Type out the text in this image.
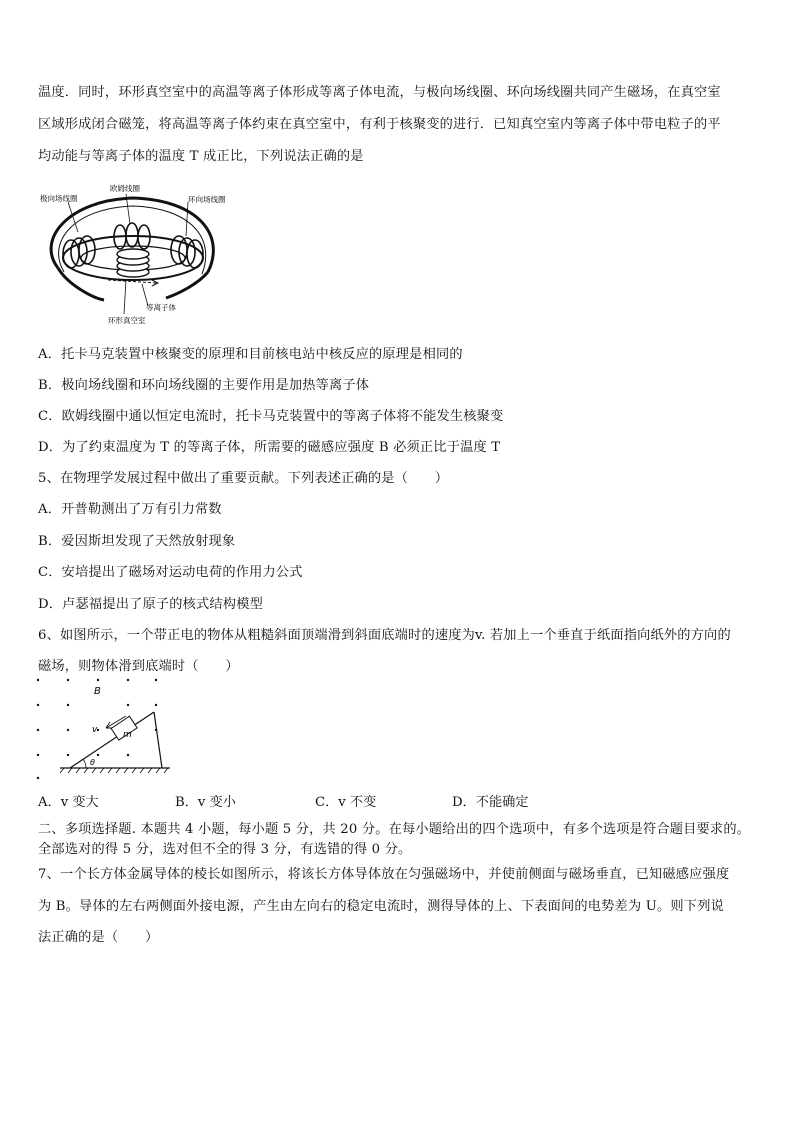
温度．同时，环形真空室中的高温等离子体形成等离子体电流，与极向场线圈、环向场线圈共同产生磁场，在真空室
区域形成闭合磁笼，将高温等离子体约束在真空室中，有利于核聚变的进行．已知真空室内等离子体中带电粒子的平
均动能与等离子体的温度 T 成正比，下列说法正确的是
极向场线圈
欧姆线圈
环向场线圈
等离子体
环形真空室
A．托卡马克装置中核聚变的原理和目前核电站中核反应的原理是相同的
B．极向场线圈和环向场线圈的主要作用是加热等离子体
C．欧姆线圈中通以恒定电流时，托卡马克装置中的等离子体将不能发生核聚变
D．为了约束温度为 T 的等离子体，所需要的磁感应强度 B 必须正比于温度 T
5、在物理学发展过程中做出了重要贡献。下列表述正确的是（　　）
A．开普勒测出了万有引力常数
B．爱因斯坦发现了天然放射现象
C．安培提出了磁场对运动电荷的作用力公式
D．卢瑟福提出了原子的核式结构模型
6、如图所示，一个带正电的物体从粗糙斜面顶端滑到斜面底端时的速度为v. 若加上一个垂直于纸面指向纸外的方向的
磁场，则物体滑到底端时（　　）
B
v	m
θ
A．v 变大	B．v 变小	C．v 不变	D．不能确定
二、多项选择题. 本题共 4 小题，每小题 5 分，共 20 分。在每小题给出的四个选项中，有多个选项是符合题目要求的。
全部选对的得 5 分，选对但不全的得 3 分，有选错的得 0 分。
7、一个长方体金属导体的棱长如图所示，将该长方体导体放在匀强磁场中，并使前侧面与磁场垂直，已知磁感应强度
为 B。导体的左右两侧面外接电源，产生由左向右的稳定电流时，测得导体的上、下表面间的电势差为 U。则下列说
法正确的是（　　）
